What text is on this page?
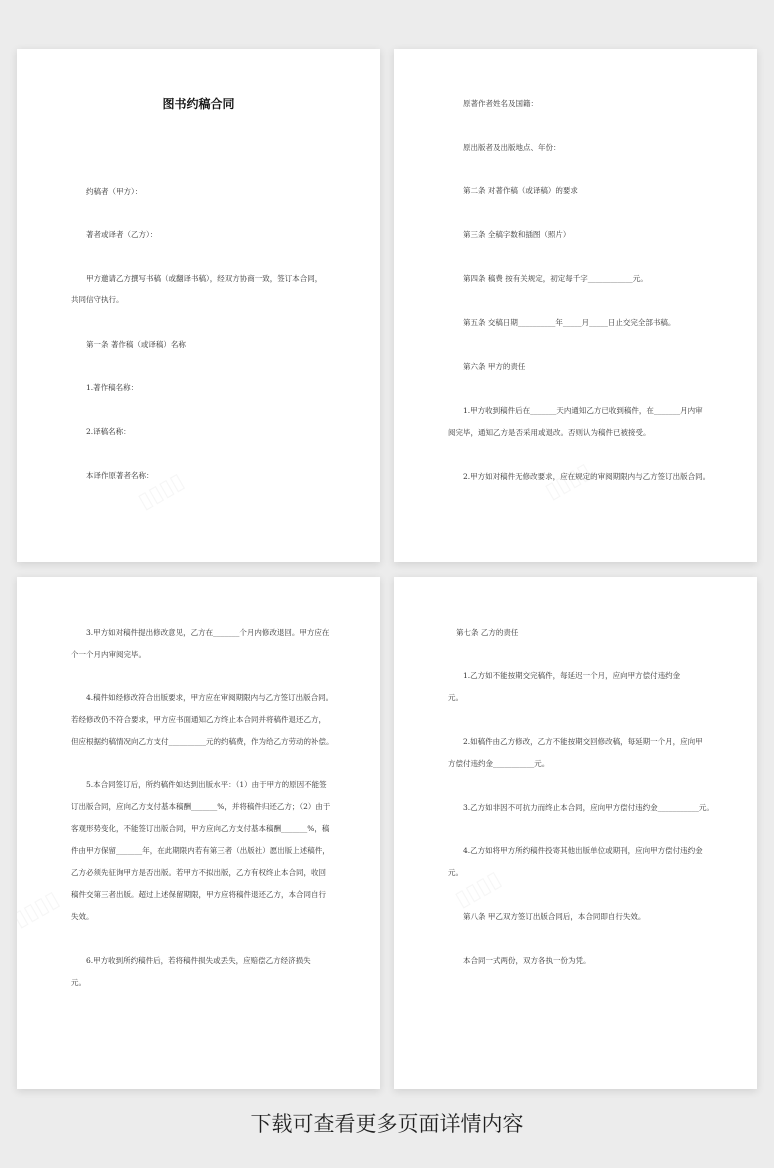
图书约稿合同
约稿者（甲方）：
著者或译者（乙方）：
甲方邀请乙方撰写书稿（或翻译书稿），经双方协商一致，签订本合同，
共同信守执行。
第一条 著作稿（或译稿）名称
1.著作稿名称：
2.译稿名称：
本译作原著者名称：
原著作者姓名及国籍：
原出版者及出版地点、年份：
第二条 对著作稿（或译稿）的要求
第三条 全稿字数和插图（照片）
第四条 稿费 按有关规定，初定每千字____________元。
第五条 交稿日期__________年_____月_____日止交完全部书稿。
第六条 甲方的责任
1.甲方收到稿件后在_______天内通知乙方已收到稿件，在_______月内审
阅完毕，通知乙方是否采用或退改。否则认为稿件已被接受。
2.甲方如对稿件无修改要求，应在规定的审阅期限内与乙方签订出版合同。
3.甲方如对稿件提出修改意见，乙方在_______个月内修改退回。甲方应在
个一个月内审阅完毕。
4.稿件如经修改符合出版要求，甲方应在审阅期限内与乙方签订出版合同。
若经修改仍不符合要求，甲方应书面通知乙方终止本合同并将稿件退还乙方，
但应根据约稿情况向乙方支付__________元的约稿费，作为给乙方劳动的补偿。
5.本合同签订后，所约稿件如达到出版水平：（1）由于甲方的原因不能签
订出版合同，应向乙方支付基本稿酬_______%，并将稿件归还乙方；（2）由于
客观形势变化，不能签订出版合同，甲方应向乙方支付基本稿酬_______%，稿
件由甲方保留_______年，在此期限内若有第三者（出版社）愿出版上述稿件，
乙方必须先征询甲方是否出版。若甲方不拟出版，乙方有权终止本合同，收回
稿件交第三者出版。超过上述保留期限，甲方应将稿件退还乙方，本合同自行
失效。
6.甲方收到所约稿件后，若将稿件损失或丢失，应赔偿乙方经济损失
元。
第七条 乙方的责任
1.乙方如不能按期交完稿件，每延迟一个月，应向甲方偿付违约金
元。
2.如稿件由乙方修改，乙方不能按期交回修改稿，每延期一个月，应向甲
方偿付违约金___________元。
3.乙方如非因不可抗力而终止本合同，应向甲方偿付违约金___________元。
4.乙方如将甲方所约稿件投寄其他出版单位或期刊，应向甲方偿付违约金
元。
第八条 甲乙双方签订出版合同后，本合同即自行失效。
本合同一式两份，双方各执一份为凭。
下载可查看更多页面详情内容
